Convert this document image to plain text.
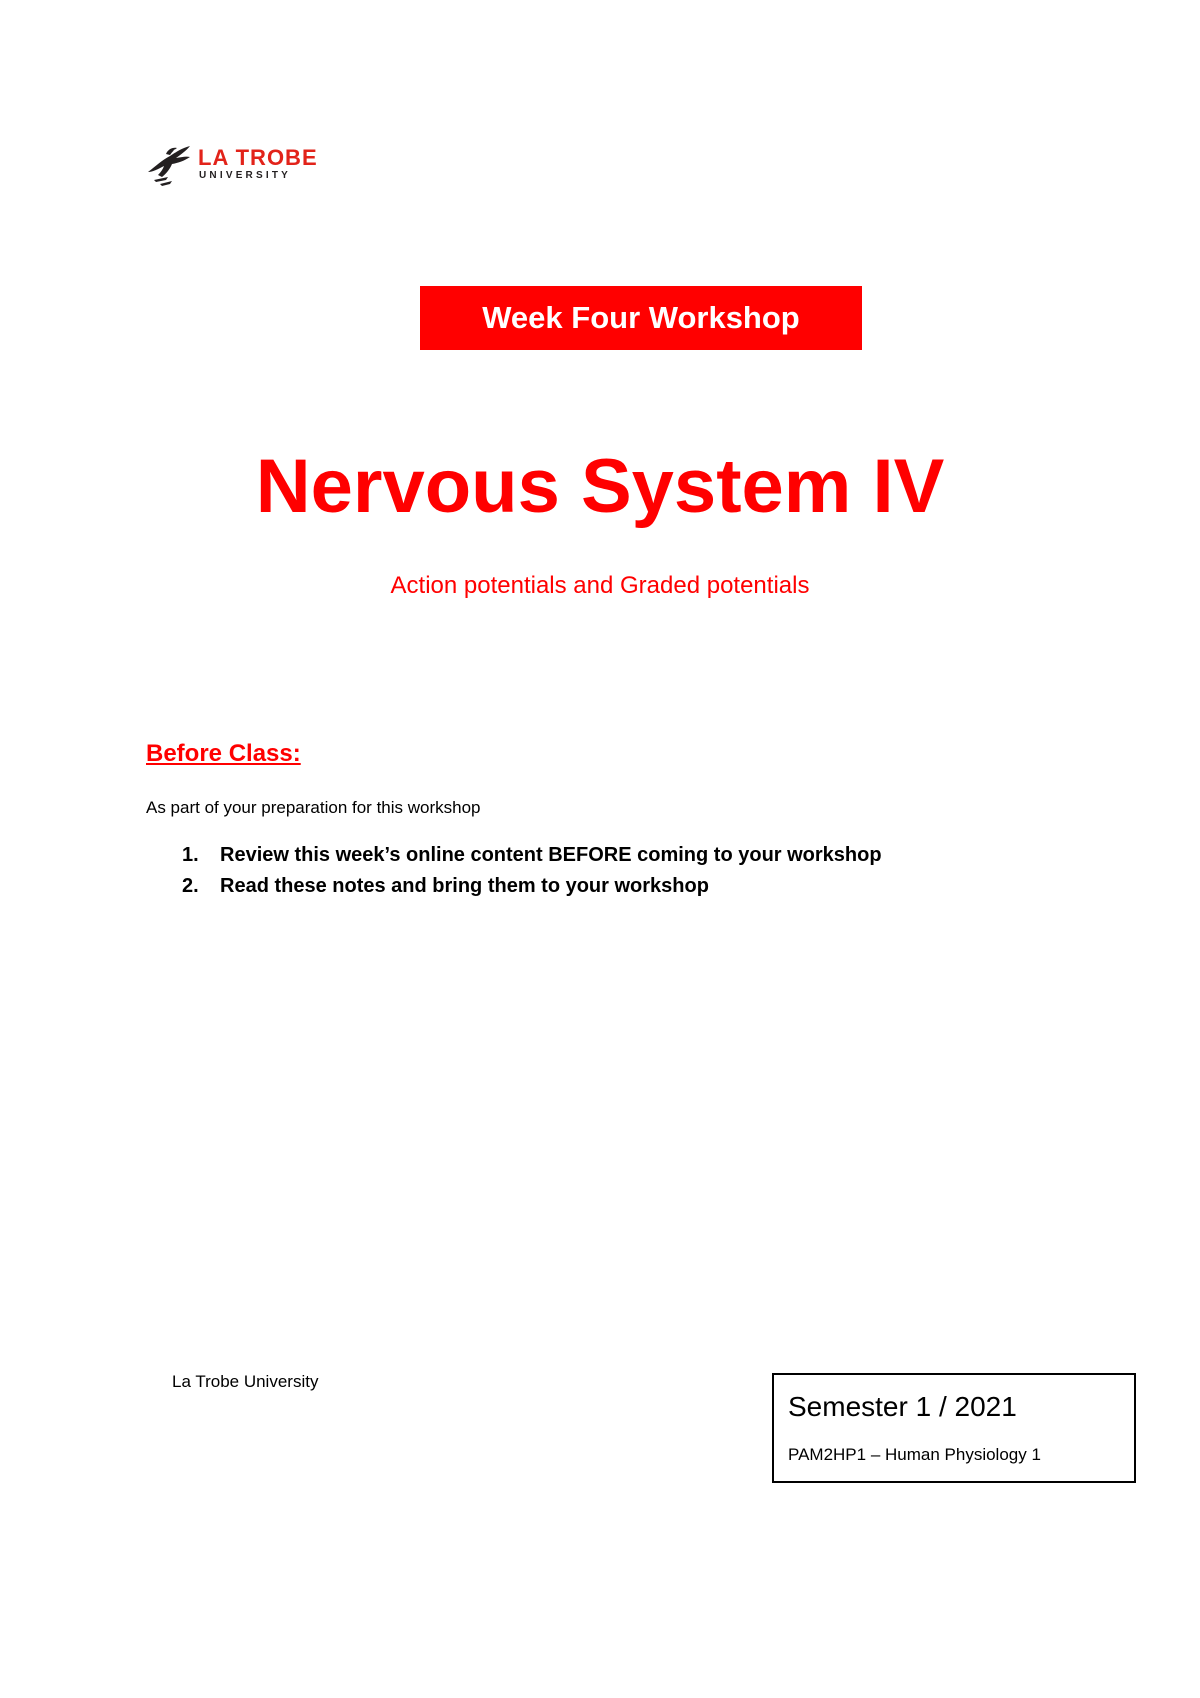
LA TROBE
UNIVERSITY
Week Four Workshop
Nervous System IV
Action potentials and Graded potentials
Before Class:
As part of your preparation for this workshop
1.	Review this week’s online content BEFORE coming to your workshop
2.	Read these notes and bring them to your workshop
La Trobe University
Semester 1 / 2021
PAM2HP1 – Human Physiology 1
